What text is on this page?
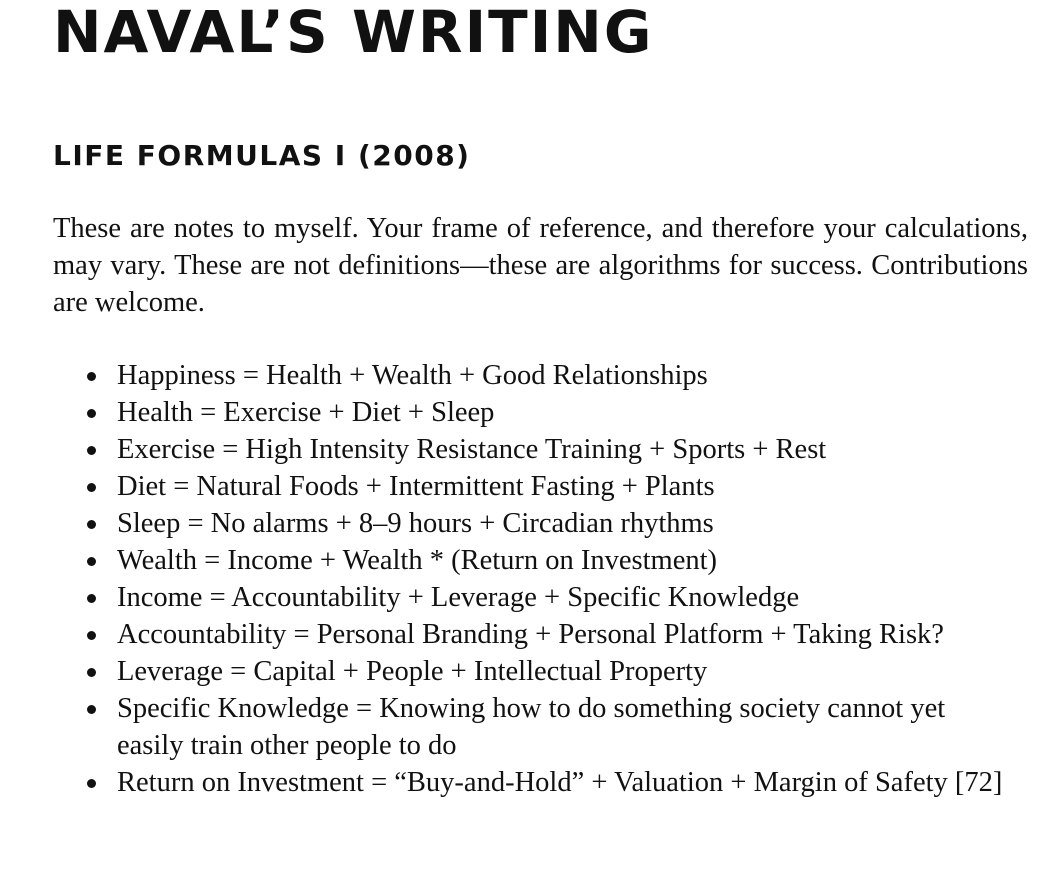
NAVAL’S WRITING
LIFE FORMULAS I (2008)

These are notes to myself. Your frame of reference, and therefore your calculations, may vary. These are not definitions—these are algorithms for success. Contributions are welcome.

Happiness = Health + Wealth + Good Relationships
Health = Exercise + Diet + Sleep
Exercise = High Intensity Resistance Training + Sports + Rest
Diet = Natural Foods + Intermittent Fasting + Plants
Sleep = No alarms + 8–9 hours + Circadian rhythms
Wealth = Income + Wealth * (Return on Investment)
Income = Accountability + Leverage + Specific Knowledge
Accountability = Personal Branding + Personal Platform + Taking Risk?
Leverage = Capital + People + Intellectual Property
Specific Knowledge = Knowing how to do something society cannot yet easily train other people to do
Return on Investment = “Buy-and-Hold” + Valuation + Margin of Safety [72]
